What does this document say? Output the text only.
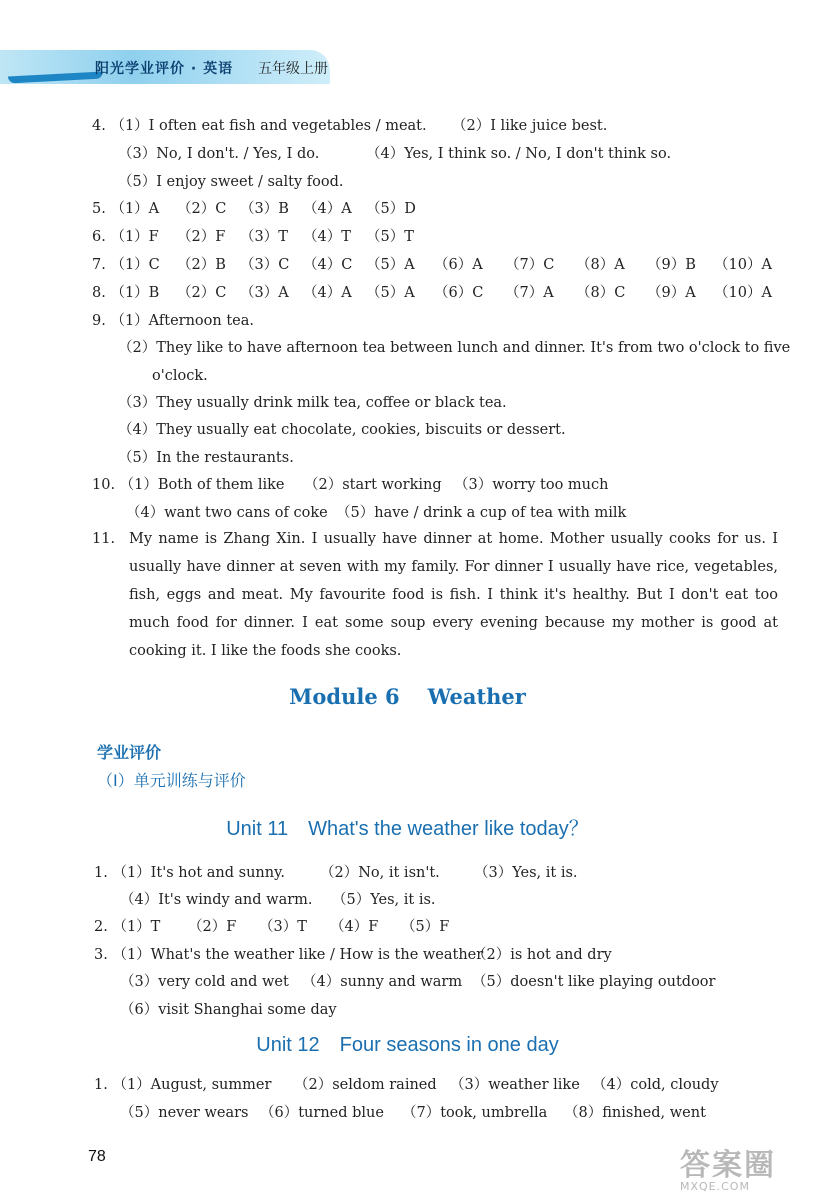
阳光学业评价 · 英语 五年级上册
4. （1）I often eat fish and vegetables / meat. （2）I like juice best.
（3）No, I don't. / Yes, I do.	（4）Yes, I think so. / No, I don't think so.
（5）I enjoy sweet / salty food.
5. （1）A （2）C （3）B （4）A （5）D
6. （1）F （2）F （3）T （4）T （5）T
7. （1）C （2）B （3）C （4）C （5）A （6）A （7）C （8）A （9）B （10）A
8. （1）B （2）C （3）A （4）A （5）A （6）C （7）A （8）C （9）A （10）A
9. （1）Afternoon tea.
（2）They like to have afternoon tea between lunch and dinner. It's from two o'clock to five
o'clock.
（3）They usually drink milk tea, coffee or black tea.
（4）They usually eat chocolate, cookies, biscuits or dessert.
（5）In the restaurants.
10. （1）Both of them like （2）start working （3）worry too much
（4）want two cans of coke （5）have / drink a cup of tea with milk
11. My name is Zhang Xin. I usually have dinner at home. Mother usually cooks for us. I usually have dinner at seven with my family. For dinner I usually have rice, vegetables, fish, eggs and meat. My favourite food is fish. I think it's healthy. But I don't eat too much food for dinner. I eat some soup every evening because my mother is good at cooking it. I like the foods she cooks.
Module 6 Weather
学业评价
（Ⅰ）单元训练与评价
Unit 11 What's the weather like today？
1. （1）It's hot and sunny. （2）No, it isn't. （3）Yes, it is.
（4）It's windy and warm. （5）Yes, it is.
2. （1）T （2）F （3）T （4）F （5）F
3. （1）What's the weather like / How is the weather
（2）is hot and dry
（3）very cold and wet （4）sunny and warm （5）doesn't like playing outdoor
（6）visit Shanghai some day
Unit 12 Four seasons in one day
1. （1）August, summer （2）seldom rained （3）weather like （4）cold, cloudy
（5）never wears （6）turned blue （7）took, umbrella （8）finished, went
78	答案圈
MXQE.COM
